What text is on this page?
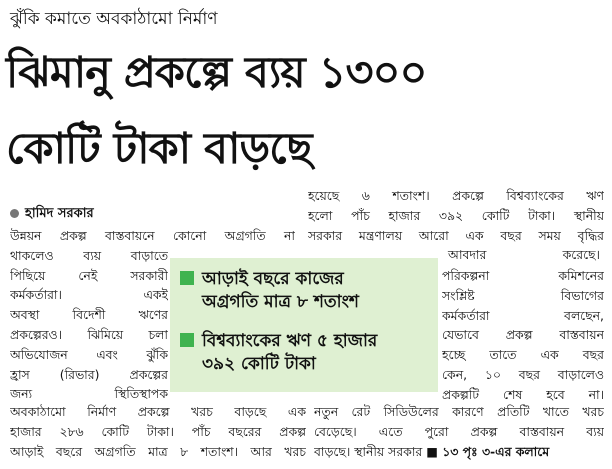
ঝুঁকি কমাতে অবকাঠামো নির্মাণ
ঝিমানু প্রকল্পে ব্যয় ১৩০০
কোটি টাকা বাড়ছে
হামিদ সরকার
উন্নয়ন প্রকল্প বাস্তবায়নে কোনো অগ্রগতি না
থাকলেও ব্যয় বাড়াতে
পিছিয়ে নেই সরকারী
কর্মকর্তারা। একই
অবস্থা বিদেশী ঋণের
প্রকল্পেরও। ঝিমিয়ে চলা
অভিযোজন এবং ঝুঁকি
হ্রাস (রিভার) প্রকল্পের
জন্য স্থিতিস্থাপক
হয়েছে ৬ শতাংশ। প্রকল্পে বিশ্বব্যাংকের ঋণ
হলো পাঁচ হাজার ৩৯২ কোটি টাকা। স্থানীয়
সরকার মন্ত্রণালয় আরো এক বছর সময় বৃদ্ধির
আবদার করেছে।
পরিকল্পনা কমিশনের
সংশ্লিষ্ট বিভাগের
কর্মকর্তারা বলছেন,
যেভাবে প্রকল্প বাস্তবায়ন
হচ্ছে তাতে এক বছর
কেন, ১০ বছর বাড়ালেও
প্রকল্পটি শেষ হবে না।
আড়াই বছরে কাজের
অগ্রগতি মাত্র ৮ শতাংশ
বিশ্বব্যাংকের ঋণ ৫ হাজার
৩৯২ কোটি টাকা
অবকাঠামো নির্মাণ প্রকল্পে খরচ বাড়ছে এক
হাজার ২৮৬ কোটি টাকা। পাঁচ বছরের প্রকল্প
আড়াই বছরে অগ্রগতি মাত্র ৮ শতাংশ। আর খরচ
নতুন রেট সিডিউলের কারণে প্রতিটি খাতে খরচ
বেড়েছে। এতে পুরো প্রকল্প বাস্তবায়ন ব্যয়
বাড়ছে। স্থানীয় সরকার ■ ১৩ পৃঃ ৩-এর কলামে
